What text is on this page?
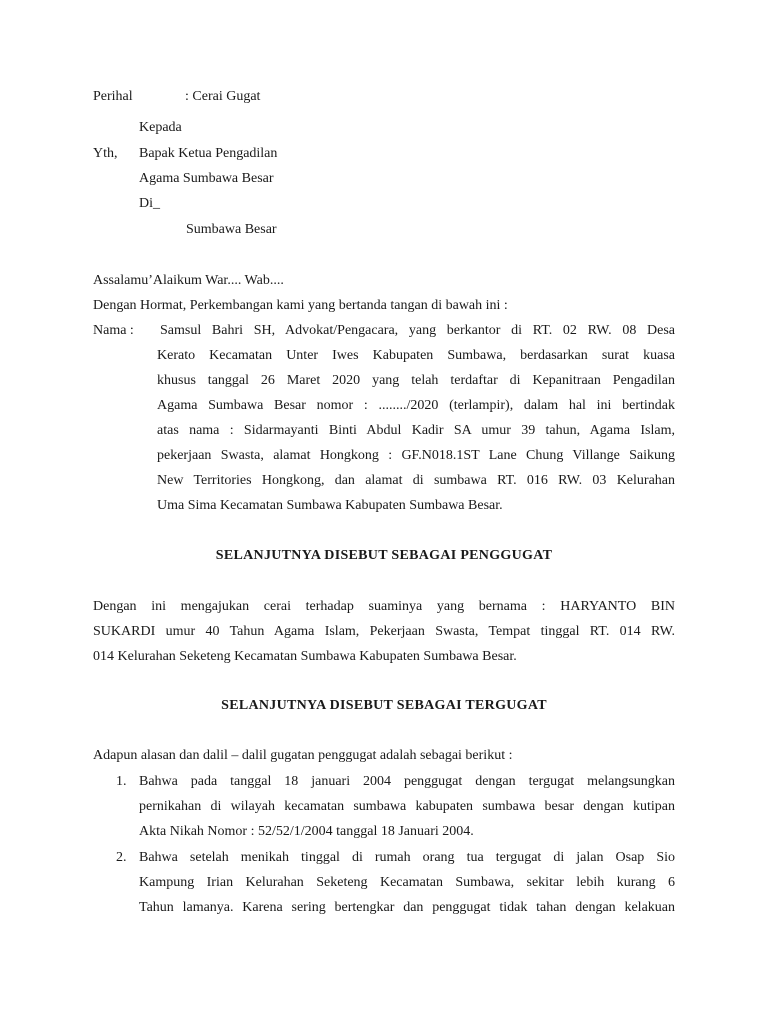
Perihal	: Cerai Gugat
Kepada
Yth, Bapak Ketua Pengadilan
Agama Sumbawa Besar
Di_
Sumbawa Besar
Assalamu’Alaikum War.... Wab....
Dengan Hormat, Perkembangan kami yang bertanda tangan di bawah ini :
Nama : Samsul Bahri SH, Advokat/Pengacara, yang berkantor di RT. 02 RW. 08 Desa
Kerato Kecamatan Unter Iwes Kabupaten Sumbawa, berdasarkan surat kuasa
khusus tanggal 26 Maret 2020 yang telah terdaftar di Kepanitraan Pengadilan
Agama Sumbawa Besar nomor : ......../2020 (terlampir), dalam hal ini bertindak
atas nama : Sidarmayanti Binti Abdul Kadir SA umur 39 tahun, Agama Islam,
pekerjaan Swasta, alamat Hongkong : GF.N018.1ST Lane Chung Villange Saikung
New Territories Hongkong, dan alamat di sumbawa RT. 016 RW. 03 Kelurahan
Uma Sima Kecamatan Sumbawa Kabupaten Sumbawa Besar.
SELANJUTNYA DISEBUT SEBAGAI PENGGUGAT
Dengan ini mengajukan cerai terhadap suaminya yang bernama : HARYANTO BIN
SUKARDI umur 40 Tahun Agama Islam, Pekerjaan Swasta, Tempat tinggal RT. 014 RW.
014 Kelurahan Seketeng Kecamatan Sumbawa Kabupaten Sumbawa Besar.
SELANJUTNYA DISEBUT SEBAGAI TERGUGAT
Adapun alasan dan dalil – dalil gugatan penggugat adalah sebagai berikut :
1. Bahwa pada tanggal 18 januari 2004 penggugat dengan tergugat melangsungkan
pernikahan di wilayah kecamatan sumbawa kabupaten sumbawa besar dengan kutipan
Akta Nikah Nomor : 52/52/1/2004 tanggal 18 Januari 2004.
2. Bahwa setelah menikah tinggal di rumah orang tua tergugat di jalan Osap Sio
Kampung Irian Kelurahan Seketeng Kecamatan Sumbawa, sekitar lebih kurang 6
Tahun lamanya. Karena sering bertengkar dan penggugat tidak tahan dengan kelakuan
